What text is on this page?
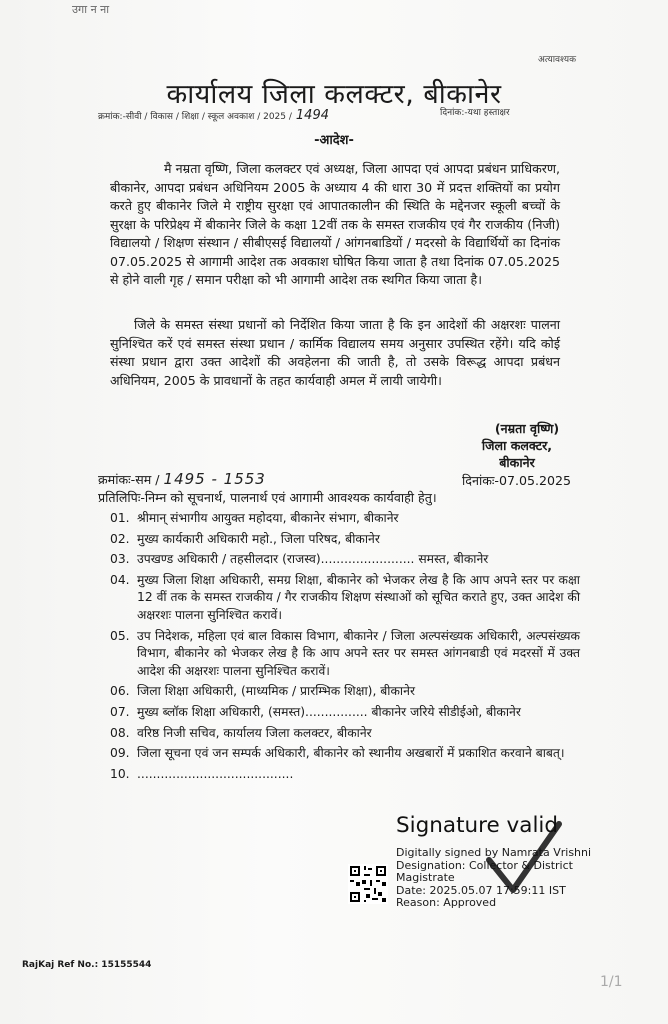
उगा न ना
अत्यावश्यक
कार्यालय जिला कलक्टर, बीकानेर
क्रमांक:-सीवी / विकास / शिक्षा / स्कूल अवकाश / 2025 / 1494	दिनांक:-यथा हस्ताक्षर
-आदेश-
मै नम्रता वृष्णि, जिला कलक्टर एवं अध्यक्ष, जिला आपदा एवं आपदा प्रबंधन प्राधिकरण, बीकानेर, आपदा प्रबंधन अधिनियम 2005 के अध्याय 4 की धारा 30 में प्रदत्त शक्तियों का प्रयोग करते हुए बीकानेर जिले मे राष्ट्रीय सुरक्षा एवं आपातकालीन की स्थिति के मद्देनजर स्कूली बच्चों के सुरक्षा के परिप्रेक्ष्य में बीकानेर जिले के कक्षा 12वीं तक के समस्त राजकीय एवं गैर राजकीय (निजी) विद्यालयो / शिक्षण संस्थान / सीबीएसई विद्यालयों / आंगनबाडियों / मदरसो के विद्यार्थियों का दिनांक 07.05.2025 से आगामी आदेश तक अवकाश घोषित किया जाता है तथा दिनांक 07.05.2025 से होने वाली गृह / समान परीक्षा को भी आगामी आदेश तक स्थगित किया जाता है।
जिले के समस्त संस्था प्रधानों को निर्देशित किया जाता है कि इन आदेशों की अक्षरशः पालना सुनिश्चित करें एवं समस्त संस्था प्रधान / कार्मिक विद्यालय समय अनुसार उपस्थित रहेंगे। यदि कोई संस्था प्रधान द्वारा उक्त आदेशों की अवहेलना की जाती है, तो उसके विरूद्ध आपदा प्रबंधन अधिनियम, 2005 के प्रावधानों के तहत कार्यवाही अमल में लायी जायेगी।
(नम्रता वृष्णि)
जिला कलक्टर,
बीकानेर
क्रमांकः-सम / 1495 - 1553	दिनांकः-07.05.2025
प्रतिलिपिः-निम्न को सूचनार्थ, पालनार्थ एवं आगामी आवश्यक कार्यवाही हेतु।
01. श्रीमान् संभागीय आयुक्त महोदया, बीकानेर संभाग, बीकानेर
02. मुख्य कार्यकारी अधिकारी महो., जिला परिषद, बीकानेर
03. उपखण्ड अधिकारी / तहसीलदार (राजस्व)........................ समस्त, बीकानेर
04. मुख्य जिला शिक्षा अधिकारी, समग्र शिक्षा, बीकानेर को भेजकर लेख है कि आप अपने स्तर पर कक्षा 12 वीं तक के समस्त राजकीय / गैर राजकीय शिक्षण संस्थाओं को सूचित कराते हुए, उक्त आदेश की अक्षरशः पालना सुनिश्चित करावें।
05. उप निदेशक, महिला एवं बाल विकास विभाग, बीकानेर / जिला अल्पसंख्यक अधिकारी, अल्पसंख्यक विभाग, बीकानेर को भेजकर लेख है कि आप अपने स्तर पर समस्त आंगनबाडी एवं मदरसों में उक्त आदेश की अक्षरशः पालना सुनिश्चित करावें।
06. जिला शिक्षा अधिकारी, (माध्यमिक / प्रारम्भिक शिक्षा), बीकानेर
07. मुख्य ब्लॉक शिक्षा अधिकारी, (समस्त)................ बीकानेर जरिये सीडीईओ, बीकानेर
08. वरिष्ठ निजी सचिव, कार्यालय जिला कलक्टर, बीकानेर
09. जिला सूचना एवं जन सम्पर्क अधिकारी, बीकानेर को स्थानीय अखबारों में प्रकाशित करवाने बाबत्।
10. ........................................
Signature valid
Digitally signed by Namrata Vrishni
Designation: Collector & District
Magistrate
Date: 2025.05.07 17:59:11 IST
Reason: Approved
RajKaj Ref No.: 15155544
1/1
